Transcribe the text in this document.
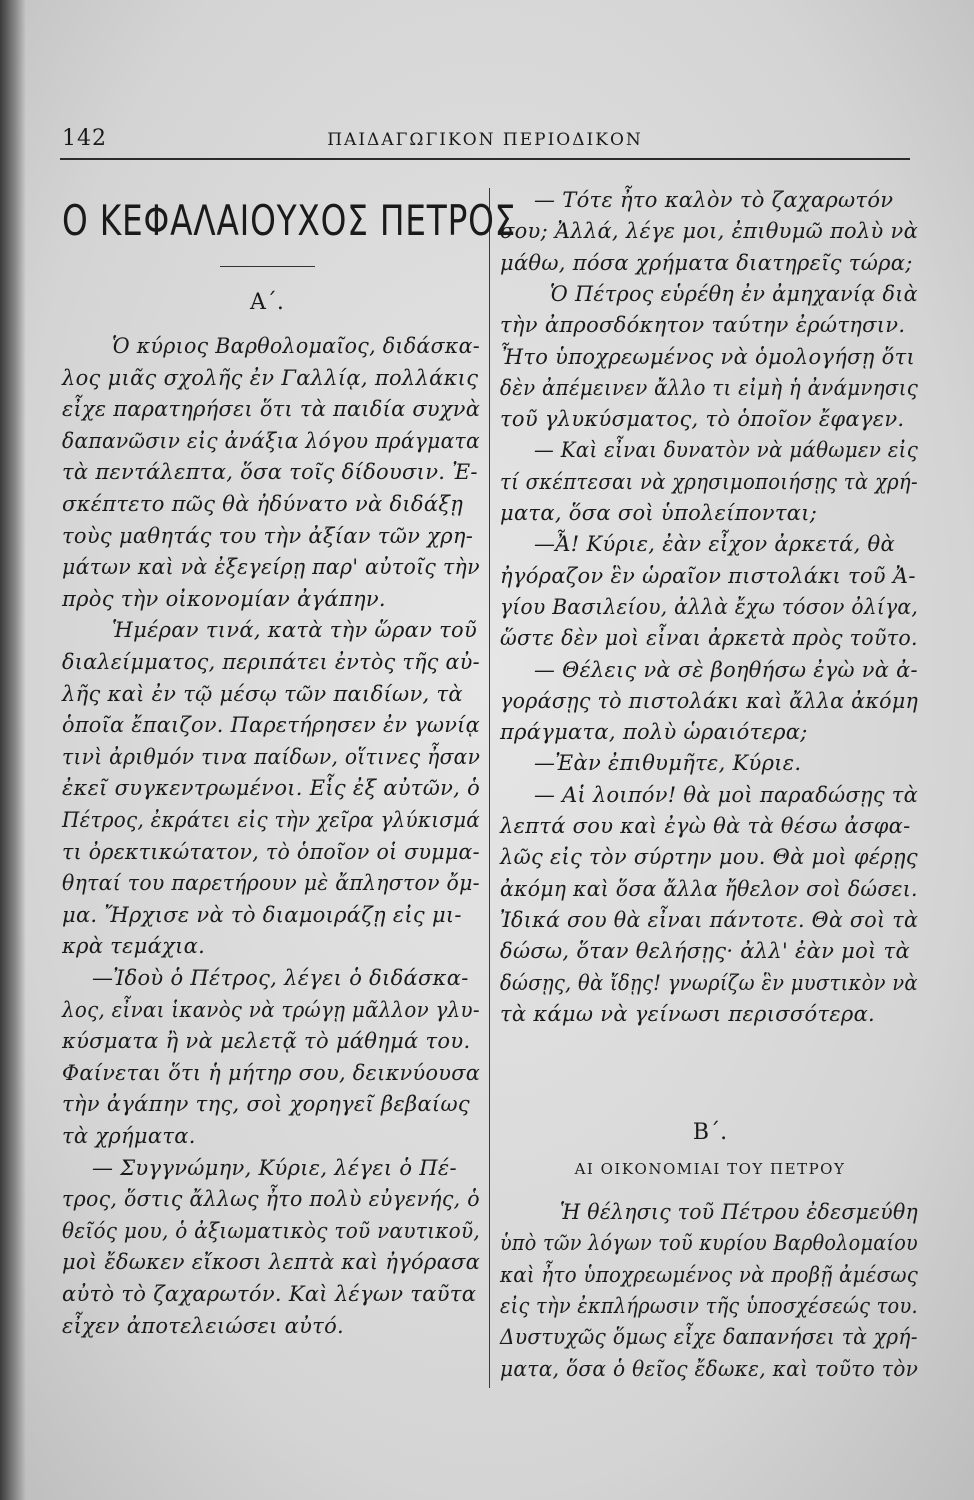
142	ΠΑΙΔΑΓΩΓΙΚΟΝ ΠΕΡΙΟΔΙΚΟΝ
Ο ΚΕΦΑΛΑΙΟΥΧΟΣ ΠΕΤΡΟΣ
Α΄.
Ὁ κύριος Βαρθολομαῖος, διδάσκα-
λος μιᾶς σχολῆς ἐν Γαλλίᾳ, πολλάκις
εἶχε παρατηρήσει ὅτι τὰ παιδία συχνὰ
δαπανῶσιν εἰς ἀνάξια λόγου πράγματα
τὰ πεντάλεπτα, ὅσα τοῖς δίδουσιν. Ἐ-
σκέπτετο πῶς θὰ ἠδύνατο νὰ διδάξῃ
τοὺς μαθητάς του τὴν ἀξίαν τῶν χρη-
μάτων καὶ νὰ ἐξεγείρῃ παρ' αὐτοῖς τὴν
πρὸς τὴν οἰκονομίαν ἀγάπην.
Ἡμέραν τινά, κατὰ τὴν ὥραν τοῦ
διαλείμματος, περιπάτει ἐντὸς τῆς αὐ-
λῆς καὶ ἐν τῷ μέσῳ τῶν παιδίων, τὰ
ὁποῖα ἔπαιζον. Παρετήρησεν ἐν γωνίᾳ
τινὶ ἀριθμόν τινα παίδων, οἵτινες ἦσαν
ἐκεῖ συγκεντρωμένοι. Εἷς ἐξ αὐτῶν, ὁ
Πέτρος, ἐκράτει εἰς τὴν χεῖρα γλύκισμά
τι ὀρεκτικώτατον, τὸ ὁποῖον οἱ συμμα-
θηταί του παρετήρουν μὲ ἄπληστον ὄμ-
μα. Ἤρχισε νὰ τὸ διαμοιράζῃ εἰς μι-
κρὰ τεμάχια.
—Ἰδοὺ ὁ Πέτρος, λέγει ὁ διδάσκα-
λος, εἶναι ἱκανὸς νὰ τρώγῃ μᾶλλον γλυ-
κύσματα ἢ νὰ μελετᾷ τὸ μάθημά του.
Φαίνεται ὅτι ἡ μήτηρ σου, δεικνύουσα
τὴν ἀγάπην της, σοὶ χορηγεῖ βεβαίως
τὰ χρήματα.
— Συγγνώμην, Κύριε, λέγει ὁ Πέ-
τρος, ὅστις ἄλλως ἦτο πολὺ εὐγενής, ὁ
θεῖός μου, ὁ ἀξιωματικὸς τοῦ ναυτικοῦ,
μοὶ ἔδωκεν εἴκοσι λεπτὰ καὶ ἠγόρασα
αὐτὸ τὸ ζαχαρωτόν. Καὶ λέγων ταῦτα
εἶχεν ἀποτελειώσει αὐτό.
— Τότε ἦτο καλὸν τὸ ζαχαρωτόν
σου; Ἀλλά, λέγε μοι, ἐπιθυμῶ πολὺ νὰ
μάθω, πόσα χρήματα διατηρεῖς τώρα;
Ὁ Πέτρος εὑρέθη ἐν ἀμηχανίᾳ διὰ
τὴν ἀπροσδόκητον ταύτην ἐρώτησιν.
Ἦτο ὑποχρεωμένος νὰ ὁμολογήσῃ ὅτι
δὲν ἀπέμεινεν ἄλλο τι εἰμὴ ἡ ἀνάμνησις
τοῦ γλυκύσματος, τὸ ὁποῖον ἔφαγεν.
— Καὶ εἶναι δυνατὸν νὰ μάθωμεν εἰς
τί σκέπτεσαι νὰ χρησιμοποιήσῃς τὰ χρή-
ματα, ὅσα σοὶ ὑπολείπονται;
—Ἆ! Κύριε, ἐὰν εἶχον ἀρκετά, θὰ
ἠγόραζον ἓν ὡραῖον πιστολάκι τοῦ Ἀ-
γίου Βασιλείου, ἀλλὰ ἔχω τόσον ὀλίγα,
ὥστε δὲν μοὶ εἶναι ἀρκετὰ πρὸς τοῦτο.
— Θέλεις νὰ σὲ βοηθήσω ἐγὼ νὰ ἀ-
γοράσῃς τὸ πιστολάκι καὶ ἄλλα ἀκόμη
πράγματα, πολὺ ὡραιότερα;
—Ἐὰν ἐπιθυμῆτε, Κύριε.
— Αἱ λοιπόν! θὰ μοὶ παραδώσῃς τὰ
λεπτά σου καὶ ἐγὼ θὰ τὰ θέσω ἀσφα-
λῶς εἰς τὸν σύρτην μου. Θὰ μοὶ φέρῃς
ἀκόμη καὶ ὅσα ἄλλα ἤθελον σοὶ δώσει.
Ἰδικά σου θὰ εἶναι πάντοτε. Θὰ σοὶ τὰ
δώσω, ὅταν θελήσῃς· ἀλλ' ἐὰν μοὶ τὰ
δώσῃς, θὰ ἴδῃς! γνωρίζω ἓν μυστικὸν νὰ
τὰ κάμω νὰ γείνωσι περισσότερα.
Β΄.
ΑΙ ΟΙΚΟΝΟΜΙΑΙ ΤΟΥ ΠΕΤΡΟΥ
Ἡ θέλησις τοῦ Πέτρου ἐδεσμεύθη
ὑπὸ τῶν λόγων τοῦ κυρίου Βαρθολομαίου
καὶ ἦτο ὑποχρεωμένος νὰ προβῇ ἀμέσως
εἰς τὴν ἐκπλήρωσιν τῆς ὑποσχέσεώς του.
Δυστυχῶς ὅμως εἶχε δαπανήσει τὰ χρή-
ματα, ὅσα ὁ θεῖος ἔδωκε, καὶ τοῦτο τὸν
